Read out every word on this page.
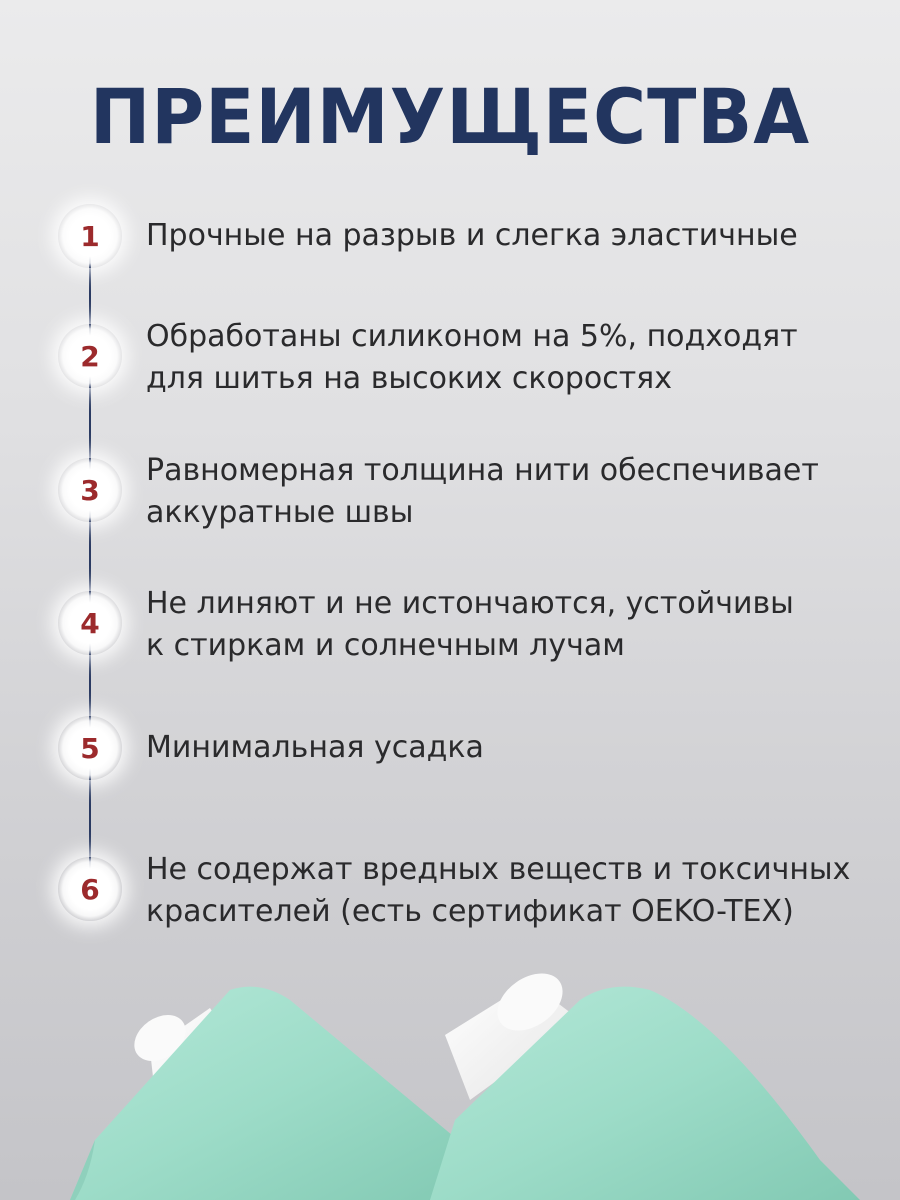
ПРЕИМУЩЕСТВА
1 Прочные на разрыв и слегка эластичные
2
Обработаны силиконом на 5%, подходят
для шитья на высоких скоростях
3
Равномерная толщина нити обеспечивает
аккуратные швы
4
Не линяют и не истончаются, устойчивы
к стиркам и солнечным лучам
5 Минимальная усадка
6
Не содержат вредных веществ и токсичных
красителей (есть сертификат OEKO-TEX)
